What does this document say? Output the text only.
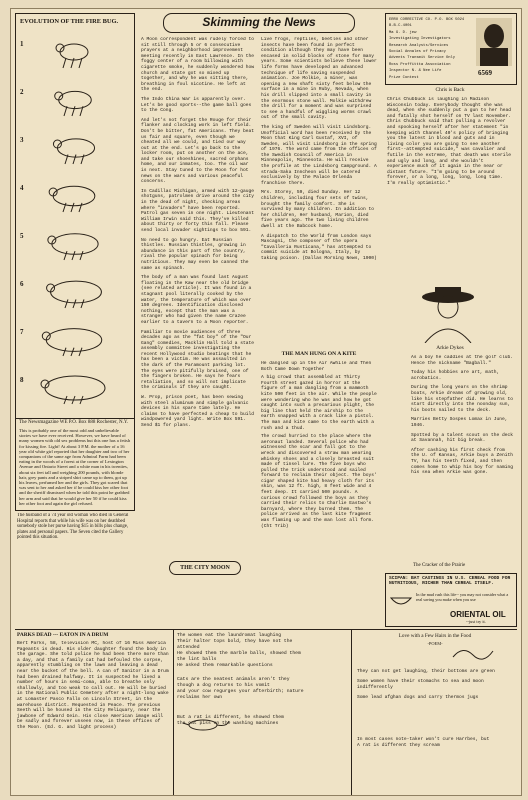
EVOLUTION OF THE FIRE BUG.
1
2
3
4
5
6
7
8
The Newsmagazine WE P.O. Box 888 Rochester, N.Y.
This is probably one of the most odd and unbelievable stories we have ever received. However, we have heard of many women with old sex problems but this one has a fetish for kissing fire. Light! At about 3 P.M. the mother of a 16 year old white girl reported that her daughter and two of her companions of the same age from Admiral Farm had been eating in the woods of a forest at the corner of Lexington Avenue and Ontario Street and a white man in his twenties, about six feet tall and weighing 200 pounds, with blonde hair, grey pants and a striped shirt came up to them, got up his leaves, perfumed her and the girls. They got scared that was sent to her and asked her if he could kiss her other foot and the sheriff dismissed when he told this point he grabbed her arm and said that he would give her 50 if he could kiss her other foot and again the girl refused.
The husband of a 74 year old woman who died in General Hospital reports that while his wife was on her deathbed somebody stole her purse having $15 in bills plus change, plates and personal papers. The Seven cited the Gallery pointed this situation.
Skimming the News

A Moon correspondent was rudely forced to sit still through 5 or 6 consecutive prayers at a neighborhood improvement meeting recently in East Lawrence. In the foggy center of a room billowing with cigarette smoke, he suddenly wondered how church and state got so mixed up together, and why he was sitting there, breathing in foul nicotine. He left at the end.

The Indo China War is apparently over. Let's be good sports--the game ball goes to the Cong.

And let's not forget the Rouge for their flanker and clocking work in left field. Don't be bitter, fat Americans. They beat us fair and square, even though we cheated all we could, and tied our way out at the end. Let's go back to the locker room, put on another on the ace, and take our shoeshines, sacred orphans home, and our inmates, too. The oil war is next. Stay tuned to the Moon for hot news on the wars and various peaceful concerns.

In Cadillac Michigan, armed with 12-gauge shotguns, patrolmen drive around the city in the dead of night, checking areas where "invaders" have been reported. Patrol gas seven in one night. Lieutenant William Irwin said this. They've killed about thirty or forty this fall. Please send local invader sightings to box 591.

No need to go hungry. Eat Russian thistles. Russian thistles, growing in abundance in this part of the country, rival the popular spinach for being nutritious. They may even be canned the same as spinach.

The body of a man was found last August floating in the Kaw near the old bridge (see related article). It was found in a stagnant pool literally cooked by the water, the temperature of which was over 150 degrees. Identification disclosed nothing, except that the man was a stranger who had given the name Crazee earlier to a tavern to a Moon reporter.

Familiar to movie audiences of three decades ago as the "fat boy" of the "Our Gang" comedies, Macklin Hall told a state assembly committee investigating the recent Hollywood studio beatings that he has been a victim. He was assaulted in the dark of the Paramount parking lot. The eyes were pitifully bruised, one of the fingers broken. He says he fears retaliation, and so will not implicate the criminals if they are caught.

W. Prop, prison poet, has been sewing with steel aluminum and simple galvanic devices in his spare time lately. He claims to have perfected a cheap to build windpowered yard light. Write Box 591. Send $1 for plans.

THE CITY MOON

Live frogs, reptiles, beetles and other insects have been found in perfect condition although they may have been encased in solid blocks of stone for many years. Some scientists believe these lower life forms have developed an advanced technique of life saving suspended animation. Joe Molkie, a miner, was opening a new shaft sixty feet below the surface in a mine in Ruby, Nevada, when his drill slipped into a small cavity in the enormous stone wall. Molkie withdrew the drill for a moment and was surprised to see a handful of wiggling worms crawl out of the small cavity.

The king of Sweden will visit Lindsborg. Unofficial word has been received by the Moon that King Carl Gustaf, XVI, of Sweden, will visit Lindsborg in the spring of 1976. The word came from the offices of the Swedish Council of America in Minneapolis, Minnesota. He will receive the profile at the Lindsborg Campground. A strada-Saka Inncheon will be catered exclusively by the Palace Orlenda franchise there.

Mrs. Storey, 59, died Sunday. Her 12 children, including four sets of twins, brought the family comfort. She is survived by many children. In addition to her children, Her husband, Marion, died five years ago. The two living children dwell at the Babcock home.

A dispatch to the World from London says Mascagni, the composer of the opera "Cavalleria Rusticana," has attempted to commit suicide at Bologna, Italy, by taking poison. (Dallas Morning News, 1900)

THE MAN HUNG ON A KITE

He dangled up in the Air Awhile and Then Both Came Down Together

A big crowd that assembled at Thirty Fourth street gazed in horror at the figure of a man dangling from a mammoth kite 500 feet in the air. While the people were wondering who he was and how he got caught into such a precarious plight, the big line that held the airship to the earth snapped with a crack like a pistol. The man and kite came to the earth with a rush and a thud.

The crowd hurried to the place where the aeronaut landed. Several police who had witnessed the scar and fall got to the wreck and discovered a straw man wearing whiskey shoes and a closely breasted suit made of tinsel lure. The five boys who pulled the trick understood and sailed forward to reclaim their object. The boys' cigar shaped kite had heavy cloth for its skin, was 12 ft. high, 8 feet wide and 4 feet deep. It carried 500 pounds. A curious crowd followed the boys as they carried their relics to Charlie Eastwo's barnyard, where they burned them. The police arrived as the last kite fragment was flaming up and the man lost all form. (Cht Trib)

ERRO CORRECTIVE CO. P.O. BOX 5024 B.B.C.4001
Ma G. D. jew
Investigating Investigators
Research Analysts/Services
Social Annales of Privacy
Advents Transmit Service Only
Ross Proffittta Association
Inspector N. & Nee Life
Prize Contest
6569
Chris is Back
Chris Chubbuck is laughing in Madison Wisconsin today. Everybody thought she was dead, when she suddenly put a gun to her head and fatally shot herself on TV last November. Chris Chubbuck said that pulling a revolver and spooking herself after her statement "in keeping with Channel 40's policy of bringing you the latest in blood and guts and in living color you are going to see another first--attempted suicide," was cavalier and futile in the extreme, that death was sterile and ugly and long, and she wouldn't experience much of it again in the near or distant future. "I'm going to be around forever, or a long, long, long, long time. I'm really optimistic."
Arkie Dykes

As a boy he caddies at the golf club. Hence the nickname "Bagball."

Today his hobbies are art, math, acrobatics.

During the long years on the shrimp boats, Arkie dreams of growing old, like his stepfather did. He learns to start directly into the noonday sun, his boots nailed to the deck.

Marries Betty Sospes Lomax in June, 1946.

Spotted by a talent scout on the deck at Savannah, hit big break.

After cashing his first check from the U. of Kansas, Arkie buys a Zenith TV, has his teeth fixed, and then comes home to whip his boy for naming his sea when Arkie was gone.

The Cracker of the Prairie
SCIPAN: BAT CASTINGS IN U.S. CEREAL FOOD FOR NUTRITIOUS, RICHER THAN CEREAL ITSELF.
In the mud rush this life-- you may not consider what a real saving you make when you use
ORIENTAL OIL
--just try it.
PARKS DEAD --- EATON IN A DRUM
Bert Parks, 58, television MC, host of 16 Miss America Pageants is dead. His older daughter found the body in the garage. She told police he had been there more than a day, and that a family cat had befouled the corpse, apparently stumbling on the lawn and leaving a dead near the bucket of the bell. A can of Sanitor in a Drum had been drained halfway. It is suspected he lived a number of hours in semi-coma, able to breathe only shallowly, and too weak to call out. He will be buried in the National Public Cemetery after a night-long wake at Lomaster Pasco Fallo on Lincoln Street, in the warehouse district. Requested in Peace. The previous Seeth will be housed in the City Reliquary, near the jawbone of Edward Gein. His close American image will be sadly and forever unseen now, in these offices of the Moon. (Ed. G. and light process)
The women eat the laundromat laughing
Their halter tops bold, they have not the
attended
He showed them the marble balls, showed them
the lint balls
He asked them remarkable questions
Cats are the neatest animals aren't they
though a dog returns to his vomit
and your cow regurges your afterbirth; nature
reclaims her own
But a rat is different, he showed them
the cat piss on the washing machines
Love with a Few Hairs in the Food
-POEM-
They can not get laughing, their bottoms are green
Some women have their stomachs to sea and moon indifferently
Some lead afghan dogs and carry thermos jugs
In most cases note-taker won't cure Harrbes, but
A rat is different they scream
